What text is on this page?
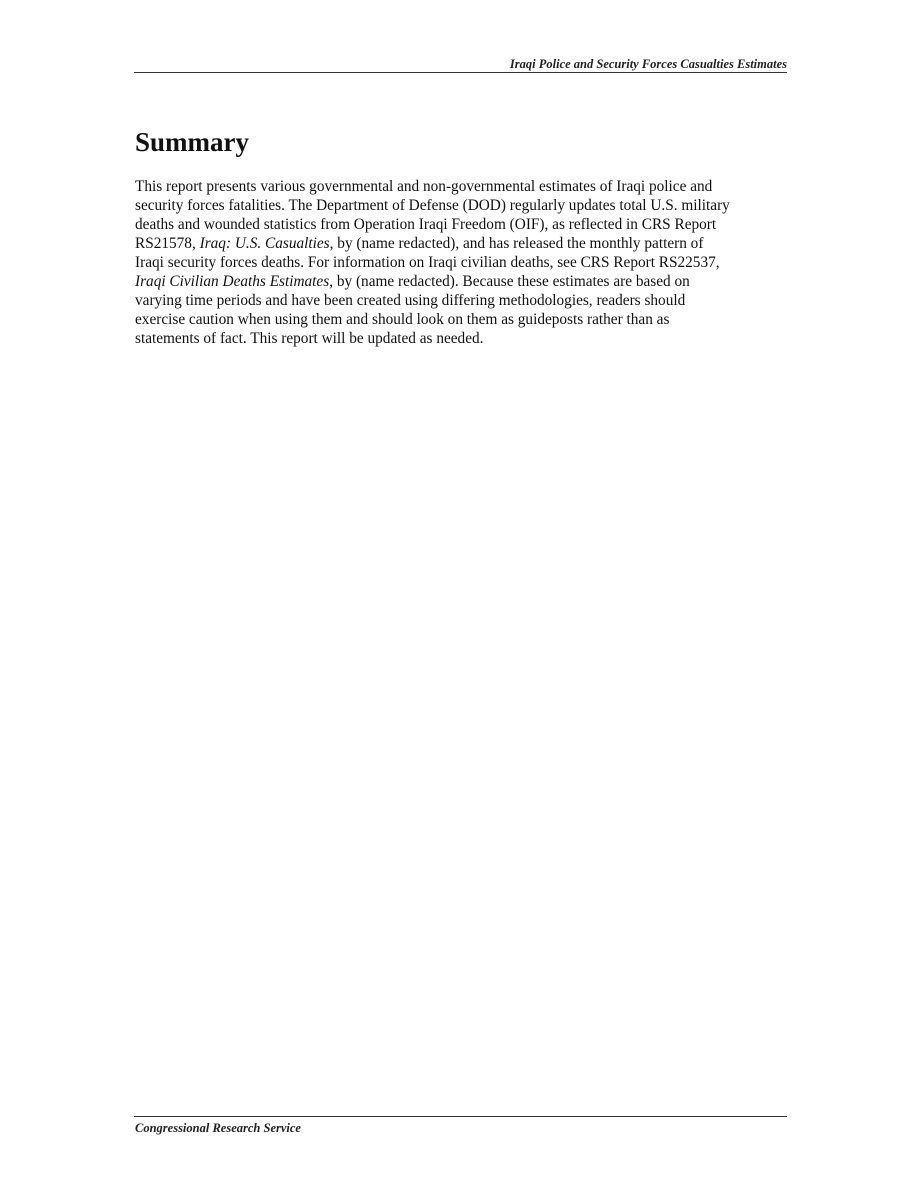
Iraqi Police and Security Forces Casualties Estimates
Summary

This report presents various governmental and non-governmental estimates of Iraqi police and
security forces fatalities. The Department of Defense (DOD) regularly updates total U.S. military
deaths and wounded statistics from Operation Iraqi Freedom (OIF), as reflected in CRS Report
RS21578, Iraq: U.S. Casualties, by (name redacted), and has released the monthly pattern of
Iraqi security forces deaths. For information on Iraqi civilian deaths, see CRS Report RS22537,
Iraqi Civilian Deaths Estimates, by (name redacted). Because these estimates are based on
varying time periods and have been created using differing methodologies, readers should
exercise caution when using them and should look on them as guideposts rather than as
statements of fact. This report will be updated as needed.

Congressional Research Service
